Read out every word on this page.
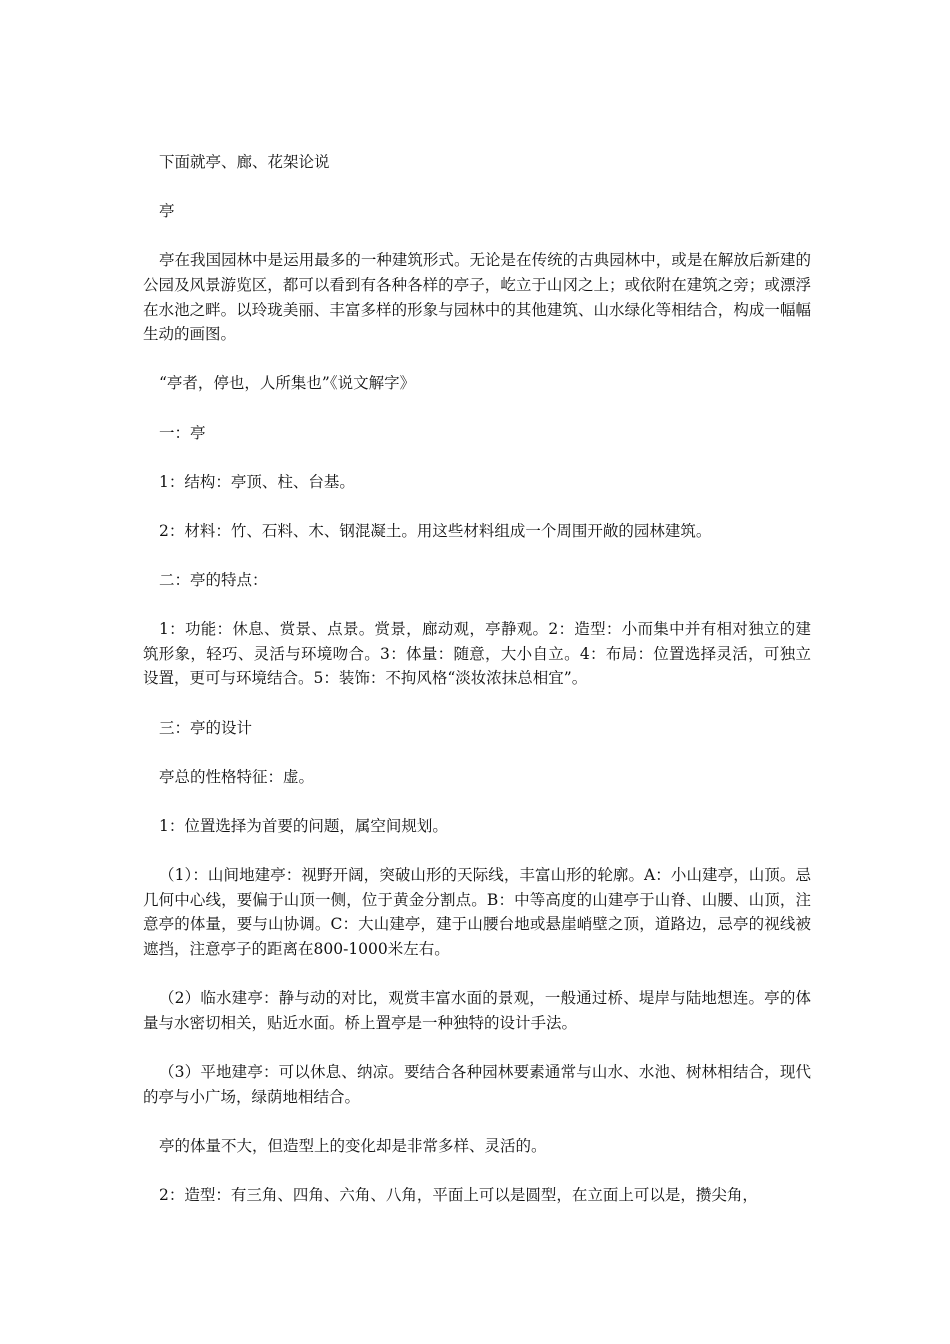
下面就亭、廊、花架论说

亭

亭在我国园林中是运用最多的一种建筑形式。无论是在传统的古典园林中，或是在解放后新建的公园及风景游览区，都可以看到有各种各样的亭子，屹立于山冈之上；或依附在建筑之旁；或漂浮在水池之畔。以玲珑美丽、丰富多样的形象与园林中的其他建筑、山水绿化等相结合，构成一幅幅生动的画图。

“亭者，停也，人所集也”《说文解字》

一：亭

1：结构：亭顶、柱、台基。

2：材料：竹、石料、木、钢混凝土。用这些材料组成一个周围开敞的园林建筑。

二：亭的特点：

1：功能：休息、赏景、点景。赏景，廊动观，亭静观。2：造型：小而集中并有相对独立的建筑形象，轻巧、灵活与环境吻合。3：体量：随意，大小自立。4：布局：位置选择灵活，可独立设置，更可与环境结合。5：装饰：不拘风格“淡妆浓抹总相宜”。

三：亭的设计

亭总的性格特征：虚。

1：位置选择为首要的问题，属空间规划。

（1）：山间地建亭：视野开阔，突破山形的天际线，丰富山形的轮廓。A：小山建亭，山顶。忌几何中心线，要偏于山顶一侧，位于黄金分割点。B：中等高度的山建亭于山脊、山腰、山顶，注意亭的体量，要与山协调。C：大山建亭，建于山腰台地或悬崖峭壁之顶，道路边，忌亭的视线被遮挡，注意亭子的距离在800-1000米左右。

（2）临水建亭：静与动的对比，观赏丰富水面的景观，一般通过桥、堤岸与陆地想连。亭的体量与水密切相关，贴近水面。桥上置亭是一种独特的设计手法。

（3）平地建亭：可以休息、纳凉。要结合各种园林要素通常与山水、水池、树林相结合，现代的亭与小广场，绿荫地相结合。

亭的体量不大，但造型上的变化却是非常多样、灵活的。

2：造型：有三角、四角、六角、八角，平面上可以是圆型，在立面上可以是，攒尖角，
